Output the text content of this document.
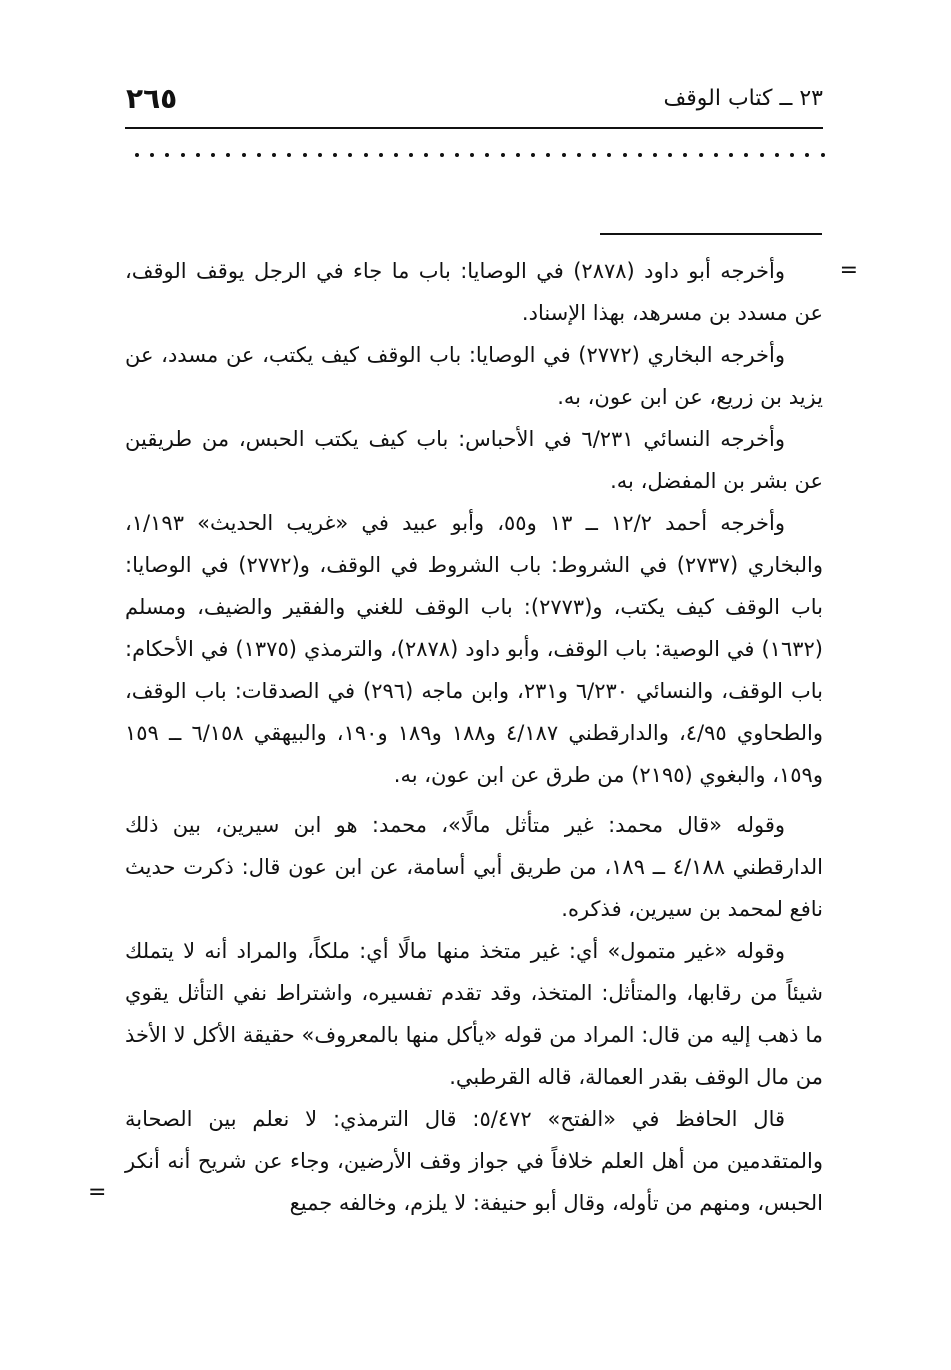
٢٦٥	٢٣ ــ كتاب الوقف
=

وأخرجه أبو داود (٢٨٧٨) في الوصايا: باب ما جاء في الرجل يوقف الوقف، عن مسدد بن مسرهد، بهذا الإسناد.

وأخرجه البخاري (٢٧٧٢) في الوصايا: باب الوقف كيف يكتب، عن مسدد، عن يزيد بن زريع، عن ابن عون، به.

وأخرجه النسائي ٦/٢٣١ في الأحباس: باب كيف يكتب الحبس، من طريقين عن بشر بن المفضل، به.

وأخرجه أحمد ١٢/٢ ــ ١٣ و٥٥، وأبو عبيد في «غريب الحديث» ١/١٩٣، والبخاري (٢٧٣٧) في الشروط: باب الشروط في الوقف، و(٢٧٧٢) في الوصايا: باب الوقف كيف يكتب، و(٢٧٧٣): باب الوقف للغني والفقير والضيف، ومسلم (١٦٣٢) في الوصية: باب الوقف، وأبو داود (٢٨٧٨)، والترمذي (١٣٧٥) في الأحكام: باب الوقف، والنسائي ٦/٢٣٠ و٢٣١، وابن ماجه (٢٩٦) في الصدقات: باب الوقف، والطحاوي ٤/٩٥، والدارقطني ٤/١٨٧ و١٨٨ و١٨٩ و١٩٠، والبيهقي ٦/١٥٨ ــ ١٥٩ و١٥٩، والبغوي (٢١٩٥) من طرق عن ابن عون، به.

وقوله «قال محمد: غير متأثل مالًا»، محمد: هو ابن سيرين، بين ذلك الدارقطني ٤/١٨٨ ــ ١٨٩، من طريق أبي أسامة، عن ابن عون قال: ذكرت حديث نافع لمحمد بن سيرين، فذكره.

وقوله «غير متمول» أي: غير متخذ منها مالًا أي: ملكاً، والمراد أنه لا يتملك شيئاً من رقابها، والمتأثل: المتخذ، وقد تقدم تفسيره، واشتراط نفي التأثل يقوي ما ذهب إليه من قال: المراد من قوله «يأكل منها بالمعروف» حقيقة الأكل لا الأخذ من مال الوقف بقدر العمالة، قاله القرطبي.

قال الحافظ في «الفتح» ٥/٤٧٢: قال الترمذي: لا نعلم بين الصحابة والمتقدمين من أهل العلم خلافاً في جواز وقف الأرضين، وجاء عن شريح أنه أنكر الحبس، ومنهم من تأوله، وقال أبو حنيفة: لا يلزم، وخالفه جميع

=
